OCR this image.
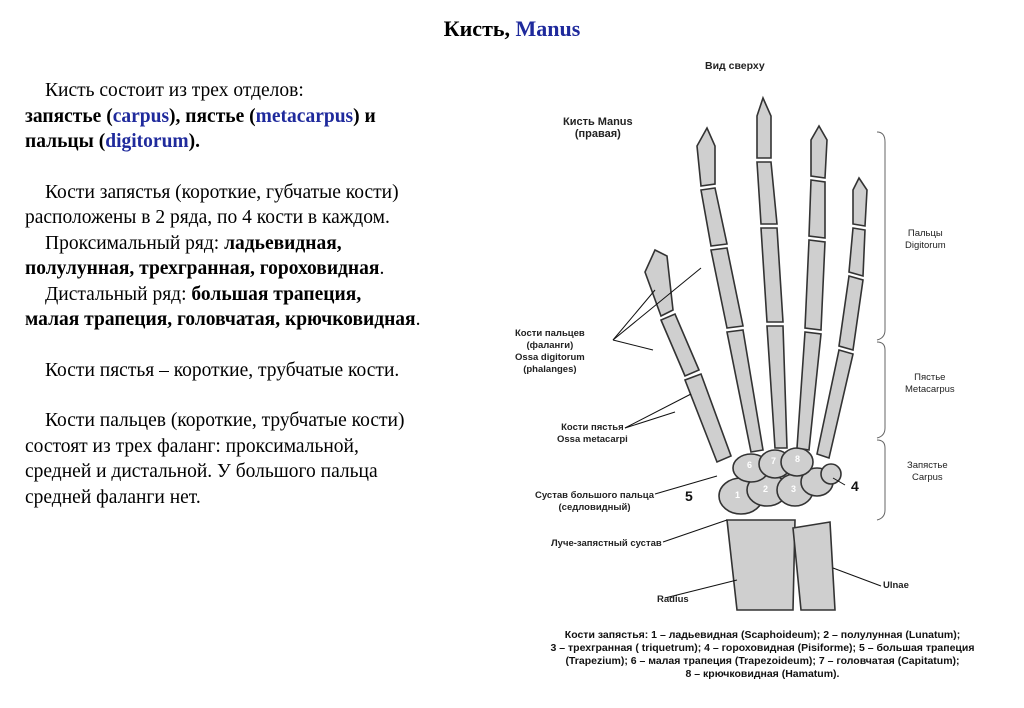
Кисть, Manus

Кисть состоит из трех отделов:

запястье (carpus), пястье (metacarpus) и

пальцы (digitorum).

Кости запястья (короткие, губчатые кости)

расположены в 2 ряда, по 4 кости в каждом.

Проксимальный ряд: ладьевидная,

полулунная, трехгранная, гороховидная.

Дистальный ряд: большая трапеция,

малая трапеция, головчатая, крючковидная.

Кости пястья – короткие, трубчатые кости.

Кости пальцев (короткие, трубчатые кости)

состоят из трех фаланг: проксимальной,

средней и дистальной. У большого пальца

средней фаланги нет.

Вид сверху
Кисть Manus
(правая)
Кости пальцев
(фаланги)
Ossa digitorum
(phalanges)
Кости пястья
Ossa metacarpi
Сустав большого пальца
(седловидный)
Луче-запястный сустав
Radius
Ulnae
Пальцы
Digitorum
Пястье
Metacarpus
Запястье
Carpus
4
5	1
2	3
6 7 8
Кости запястья: 1 – ладьевидная (Scaphoideum); 2 – полулунная (Lunatum);
3 – трехгранная ( triquetrum); 4 – гороховидная (Pisiforme); 5 – большая трапеция
(Trapezium); 6 – малая трапеция (Trapezoideum); 7 – головчатая (Capitatum);
8 – крючковидная (Hamatum).
